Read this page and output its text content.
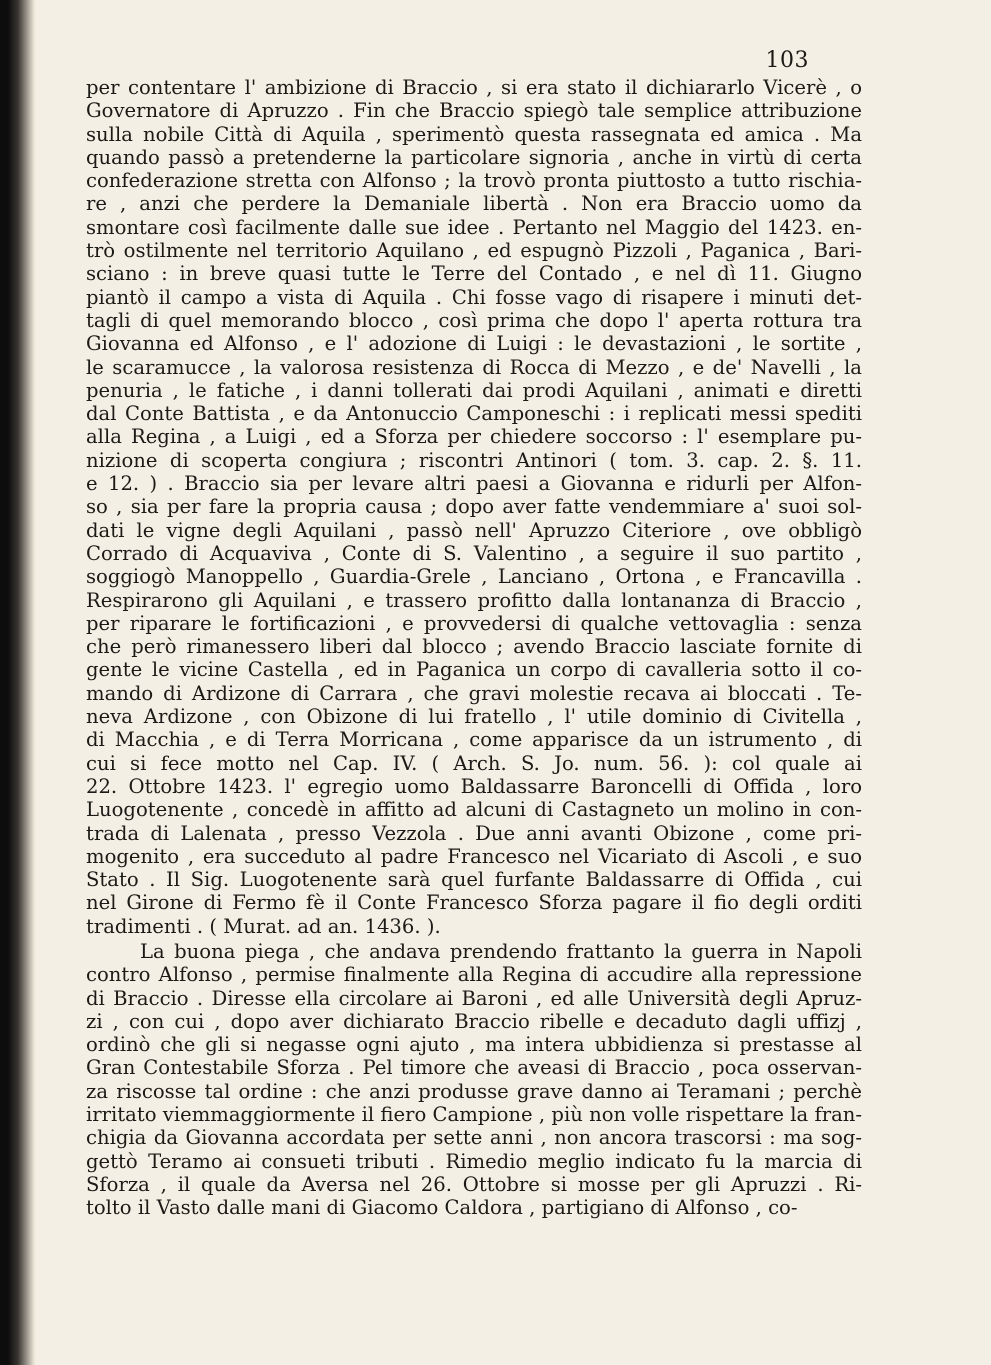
103
per contentare l' ambizione di Braccio , si era stato il dichiararlo Vicerè , o
Governatore di Apruzzo . Fin che Braccio spiegò tale semplice attribuzione
sulla nobile Città di Aquila , sperimentò questa rassegnata ed amica . Ma
quando passò a pretenderne la particolare signoria , anche in virtù di certa
confederazione stretta con Alfonso ; la trovò pronta piuttosto a tutto rischia-
re , anzi che perdere la Demaniale libertà . Non era Braccio uomo da
smontare così facilmente dalle sue idee . Pertanto nel Maggio del 1423. en-
trò ostilmente nel territorio Aquilano , ed espugnò Pizzoli , Paganica , Bari-
sciano : in breve quasi tutte le Terre del Contado , e nel dì 11. Giugno
piantò il campo a vista di Aquila . Chi fosse vago di risapere i minuti det-
tagli di quel memorando blocco , così prima che dopo l' aperta rottura tra
Giovanna ed Alfonso , e l' adozione di Luigi : le devastazioni , le sortite ,
le scaramucce , la valorosa resistenza di Rocca di Mezzo , e de' Navelli , la
penuria , le fatiche , i danni tollerati dai prodi Aquilani , animati e diretti
dal Conte Battista , e da Antonuccio Camponeschi : i replicati messi spediti
alla Regina , a Luigi , ed a Sforza per chiedere soccorso : l' esemplare pu-
nizione di scoperta congiura ; riscontri Antinori ( tom. 3. cap. 2. §. 11.
e 12. ) . Braccio sia per levare altri paesi a Giovanna e ridurli per Alfon-
so , sia per fare la propria causa ; dopo aver fatte vendemmiare a' suoi sol-
dati le vigne degli Aquilani , passò nell' Apruzzo Citeriore , ove obbligò
Corrado di Acquaviva , Conte di S. Valentino , a seguire il suo partito ,
soggiogò Manoppello , Guardia-Grele , Lanciano , Ortona , e Francavilla .
Respirarono gli Aquilani , e trassero profitto dalla lontananza di Braccio ,
per riparare le fortificazioni , e provvedersi di qualche vettovaglia : senza
che però rimanessero liberi dal blocco ; avendo Braccio lasciate fornite di
gente le vicine Castella , ed in Paganica un corpo di cavalleria sotto il co-
mando di Ardizone di Carrara , che gravi molestie recava ai bloccati . Te-
neva Ardizone , con Obizone di lui fratello , l' utile dominio di Civitella ,
di Macchia , e di Terra Morricana , come apparisce da un istrumento , di
cui si fece motto nel Cap. IV. ( Arch. S. Jo. num. 56. ): col quale ai
22. Ottobre 1423. l' egregio uomo Baldassarre Baroncelli di Offida , loro
Luogotenente , concedè in affitto ad alcuni di Castagneto un molino in con-
trada di Lalenata , presso Vezzola . Due anni avanti Obizone , come pri-
mogenito , era succeduto al padre Francesco nel Vicariato di Ascoli , e suo
Stato . Il Sig. Luogotenente sarà quel furfante Baldassarre di Offida , cui
nel Girone di Fermo fè il Conte Francesco Sforza pagare il fio degli orditi
tradimenti . ( Murat. ad an. 1436. ).
La buona piega , che andava prendendo frattanto la guerra in Napoli
contro Alfonso , permise finalmente alla Regina di accudire alla repressione
di Braccio . Diresse ella circolare ai Baroni , ed alle Università degli Apruz-
zi , con cui , dopo aver dichiarato Braccio ribelle e decaduto dagli uffizj ,
ordinò che gli si negasse ogni ajuto , ma intera ubbidienza si prestasse al
Gran Contestabile Sforza . Pel timore che aveasi di Braccio , poca osservan-
za riscosse tal ordine : che anzi produsse grave danno ai Teramani ; perchè
irritato viemmaggiormente il fiero Campione , più non volle rispettare la fran-
chigia da Giovanna accordata per sette anni , non ancora trascorsi : ma sog-
gettò Teramo ai consueti tributi . Rimedio meglio indicato fu la marcia di
Sforza , il quale da Aversa nel 26. Ottobre si mosse per gli Apruzzi . Ri-
tolto il Vasto dalle mani di Giacomo Caldora , partigiano di Alfonso , co-
